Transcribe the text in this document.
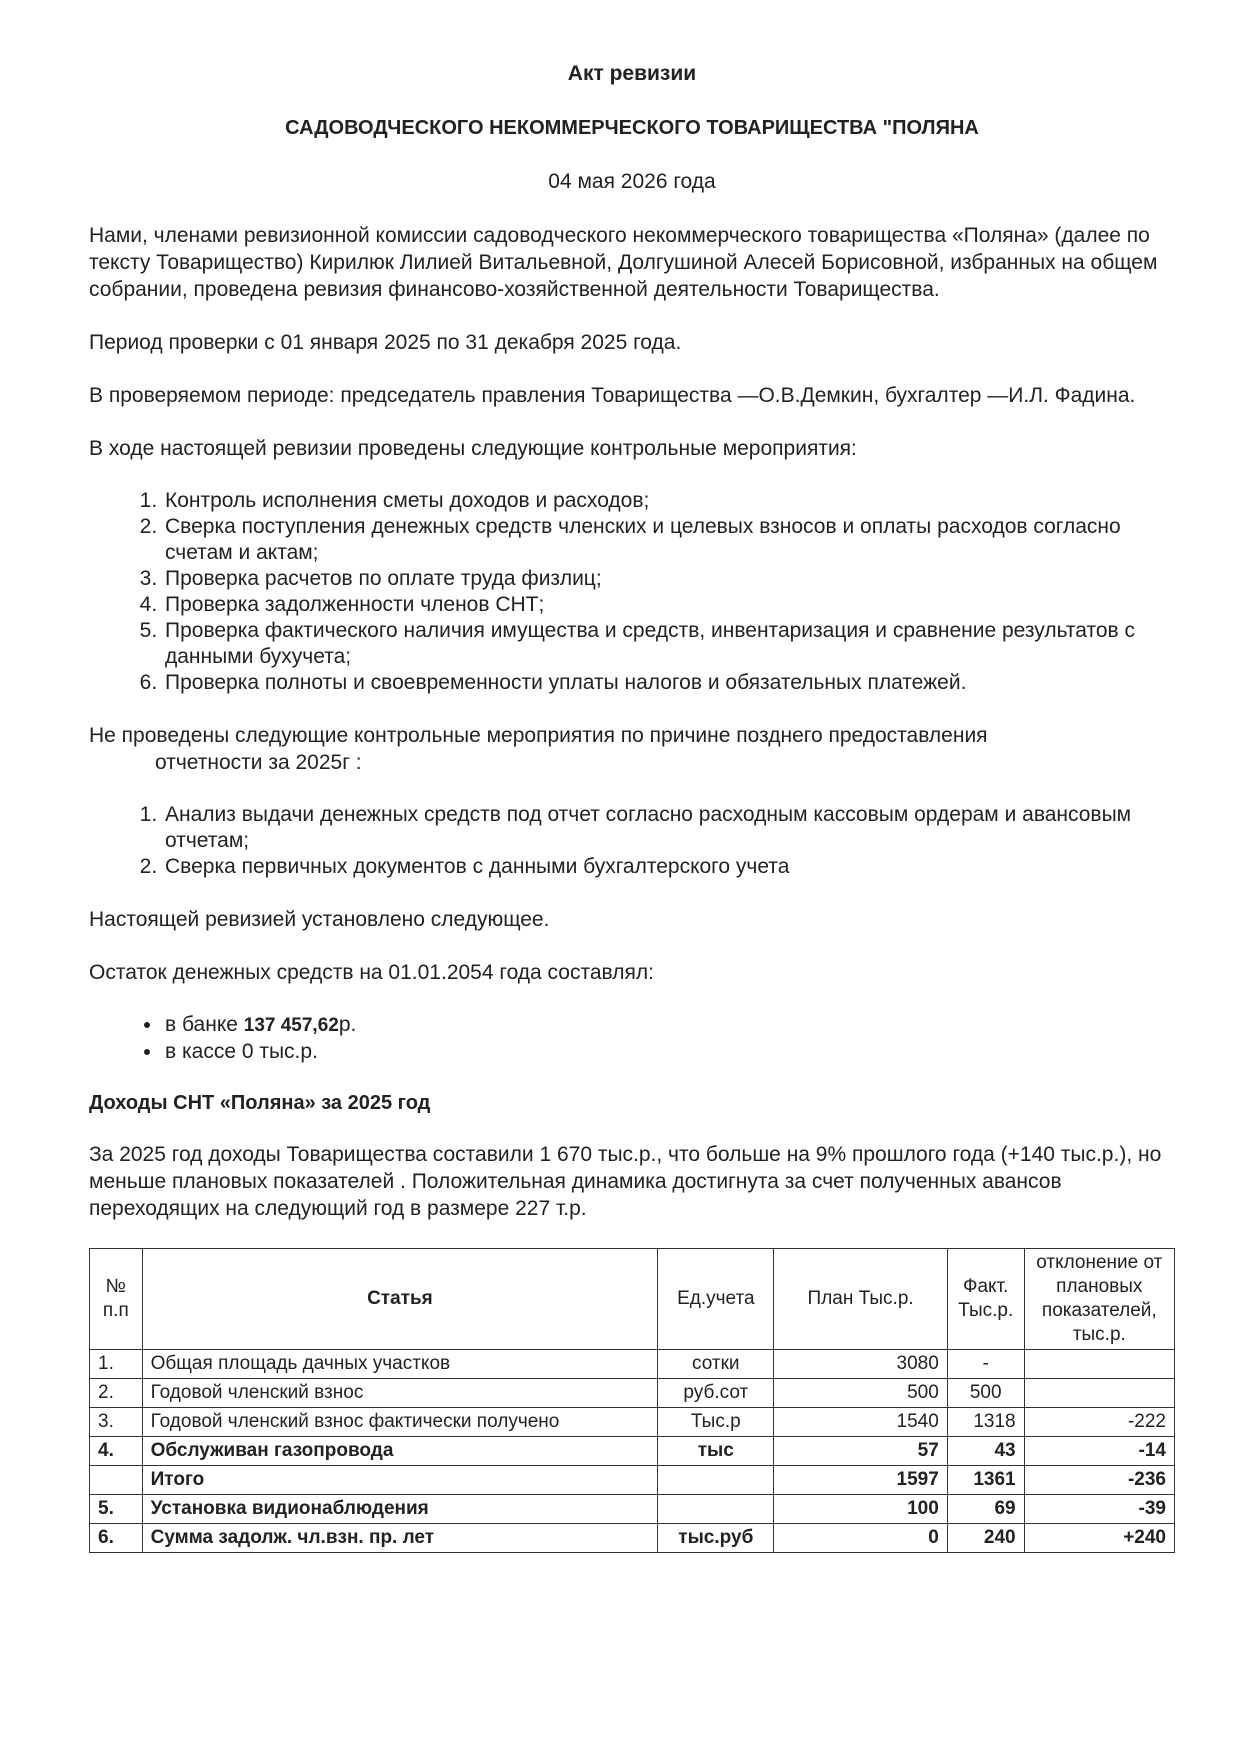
Акт ревизии
САДОВОДЧЕСКОГО НЕКОММЕРЧЕСКОГО ТОВАРИЩЕСТВА "ПОЛЯНА
04 мая 2026 года

Нами, членами ревизионной комиссии садоводческого некоммерческого товарищества «Поляна» (далее по тексту Товарищество) Кирилюк Лилией Витальевной, Долгушиной Алесей Борисовной, избранных на общем собрании, проведена ревизия финансово-хозяйственной деятельности Товарищества.

Период проверки с 01 января 2025 по 31 декабря 2025 года.

В проверяемом периоде: председатель правления Товарищества —О.В.Демкин, бухгалтер —И.Л. Фадина.

В ходе настоящей ревизии проведены следующие контрольные мероприятия:

1. Контроль исполнения сметы доходов и расходов;
2. Сверка поступления денежных средств членских и целевых взносов и оплаты расходов согласно счетам и актам;
3. Проверка расчетов по оплате труда физлиц;
4. Проверка задолженности членов СНТ;
5. Проверка фактического наличия имущества и средств, инвентаризация и сравнение результатов с данными бухучета;
6. Проверка полноты и своевременности уплаты налогов и обязательных платежей.

Не проведены следующие контрольные мероприятия по причине позднего предоставления
отчетности за 2025г :

1. Анализ выдачи денежных средств под отчет согласно расходным кассовым ордерам и авансовым отчетам;
2. Сверка первичных документов с данными бухгалтерского учета

Настоящей ревизией установлено следующее.

Остаток денежных средств на 01.01.2054 года составлял:

• в банке 137 457,62р.
• в кассе 0 тыс.р.
Доходы СНТ «Поляна» за 2025 год

За 2025 год доходы Товарищества составили 1 670 тыс.р., что больше на 9% прошлого года (+140 тыс.р.), но меньше плановых показателей . Положительная динамика достигнута за счет полученных авансов переходящих на следующий год в размере 227 т.р.

№ п.п	Статья	Ед.учета	План Тыс.р.	Факт. Тыс.р.	отклонение от плановых показателей, тыс.р.
1.	Общая площадь дачных участков	сотки	3080	-	
2.	Годовой членский взнос	руб.сот	500	500	
3.	Годовой членский взнос фактически получено	Тыс.р	1540	1318	-222
4.	Обслуживан газопровода	тыс	57	43	-14
	Итого		1597	1361	-236
5.	Установка видионаблюдения		100	69	-39
6.	Сумма задолж. чл.взн. пр. лет	тыс.руб	0	240	+240
